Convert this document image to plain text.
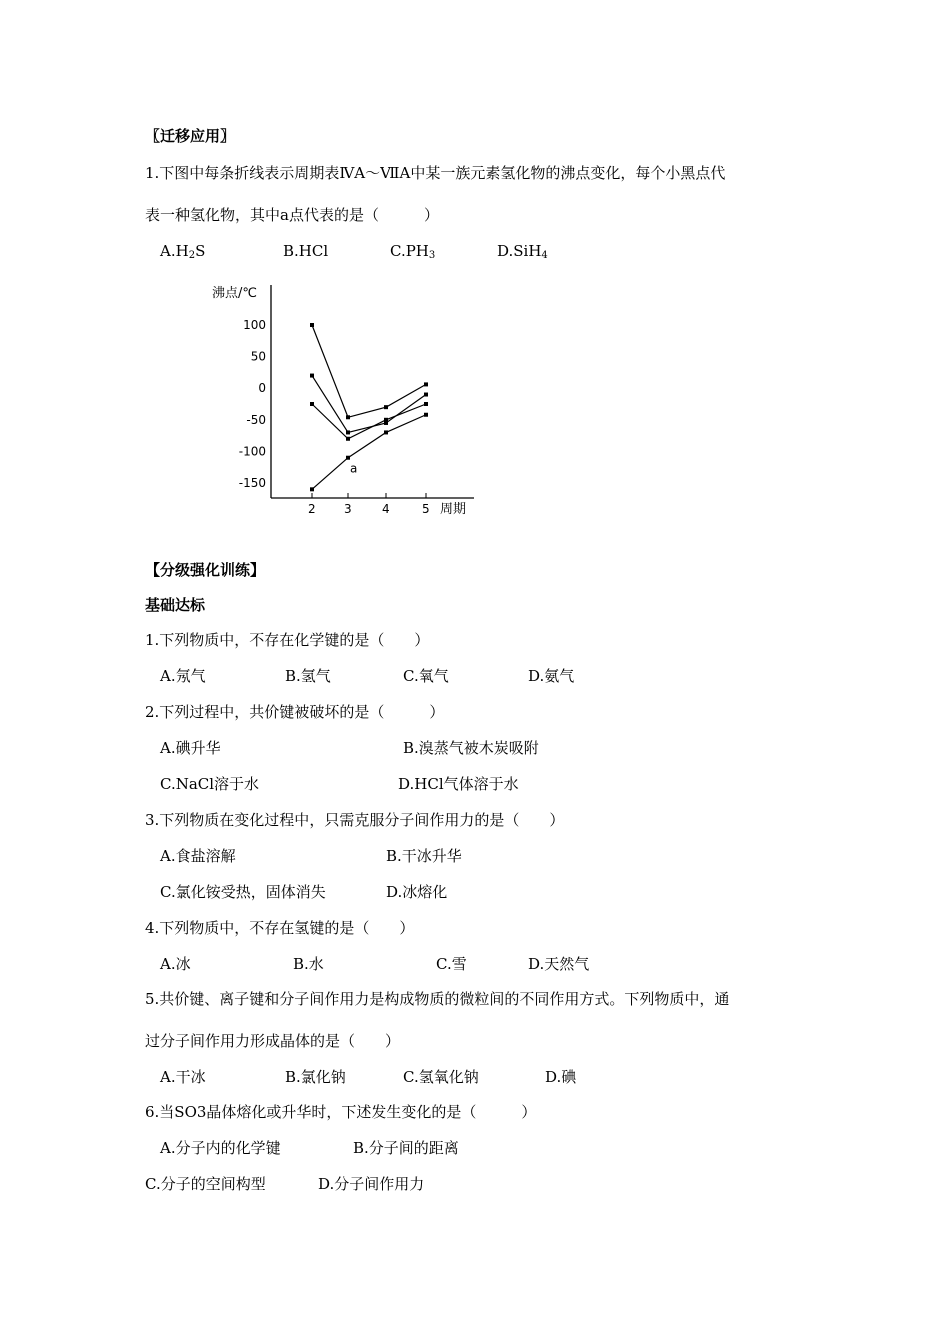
〖迁移应用〗
1.下图中每条折线表示周期表ⅣA～ⅦA中某一族元素氢化物的沸点变化，每个小黑点代
表一种氢化物，其中a点代表的是（　　　）
$A.H_2S$	B.HCl	$C.PH_3$	D.SiH$_4$
沸点/℃
周期
100
50
0
-50
-100
-150
2 3	4	5
a
【分级强化训练】
基础达标
1.下列物质中，不存在化学键的是（　　）
A.氖气	B.氢气	C.氧气	D.氨气
2.下列过程中，共价键被破坏的是（　　　）
A.碘升华	B.溴蒸气被木炭吸附
C.NaCl溶于水	D.HCl气体溶于水
3.下列物质在变化过程中，只需克服分子间作用力的是（　　）
A.食盐溶解	B.干冰升华
C.氯化铵受热，固体消失	D.冰熔化
4.下列物质中，不存在氢键的是（　　）
A.冰	B.水	C.雪	D.天然气
5.共价键、离子键和分子间作用力是构成物质的微粒间的不同作用方式。下列物质中，通
过分子间作用力形成晶体的是（　　）
A.干冰	B.氯化钠	C.氢氧化钠	D.碘
6.当SO3晶体熔化或升华时，下述发生变化的是（　　　）
A.分子内的化学键	B.分子间的距离
C.分子的空间构型	D.分子间作用力
